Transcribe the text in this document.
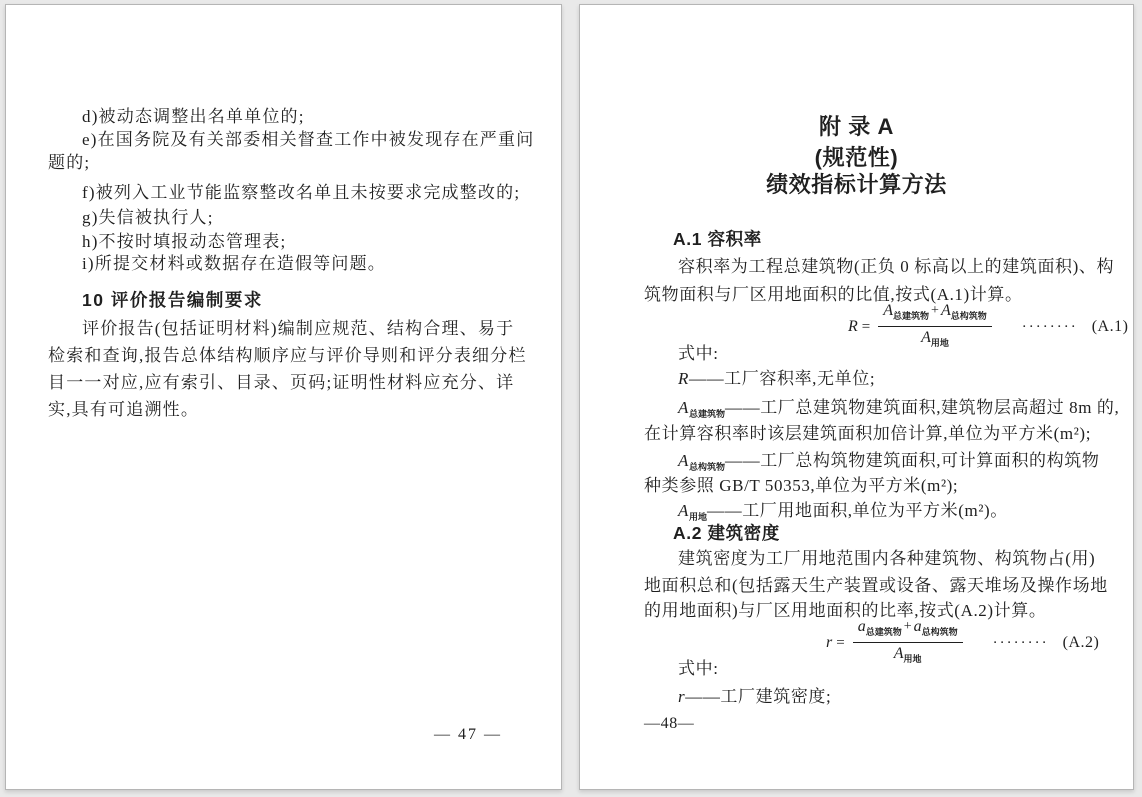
d)被动态调整出名单单位的;
e)在国务院及有关部委相关督查工作中被发现存在严重问
题的;
f)被列入工业节能监察整改名单且未按要求完成整改的;
g)失信被执行人;
h)不按时填报动态管理表;
i)所提交材料或数据存在造假等问题。
10 评价报告编制要求
评价报告(包括证明材料)编制应规范、结构合理、易于
检索和查询,报告总体结构顺序应与评价导则和评分表细分栏
目一一对应,应有索引、目录、页码;证明性材料应充分、详
实,具有可追溯性。
— 47 —
附 录 A
(规范性)
绩效指标计算方法
A.1 容积率
容积率为工程总建筑物(正负 0 标高以上的建筑面积)、构
筑物面积与厂区用地面积的比值,按式(A.1)计算。
$R = \frac{A_{总建筑物} + A_{总构筑物}}{A_{用地}}$ ········ (A.1)
式中:
R——工厂容积率,无单位;
$A_{总建筑物}——$工厂总建筑物建筑面积,建筑物层高超过 8m 的,
在计算容积率时该层建筑面积加倍计算,单位为平方米(m²);
$A_{总构筑物}——$工厂总构筑物建筑面积,可计算面积的构筑物
种类参照 GB/T 50353,单位为平方米(m²);
$A_{用地}——$工厂用地面积,单位为平方米(m²)。
A.2 建筑密度
建筑密度为工厂用地范围内各种建筑物、构筑物占(用)
地面积总和(包括露天生产装置或设备、露天堆场及操作场地
的用地面积)与厂区用地面积的比率,按式(A.2)计算。
$r = \frac{a_{总建筑物} + a_{总构筑物}}{A_{用地}}$ ········ (A.2)
式中:
r——工厂建筑密度;
—48—
